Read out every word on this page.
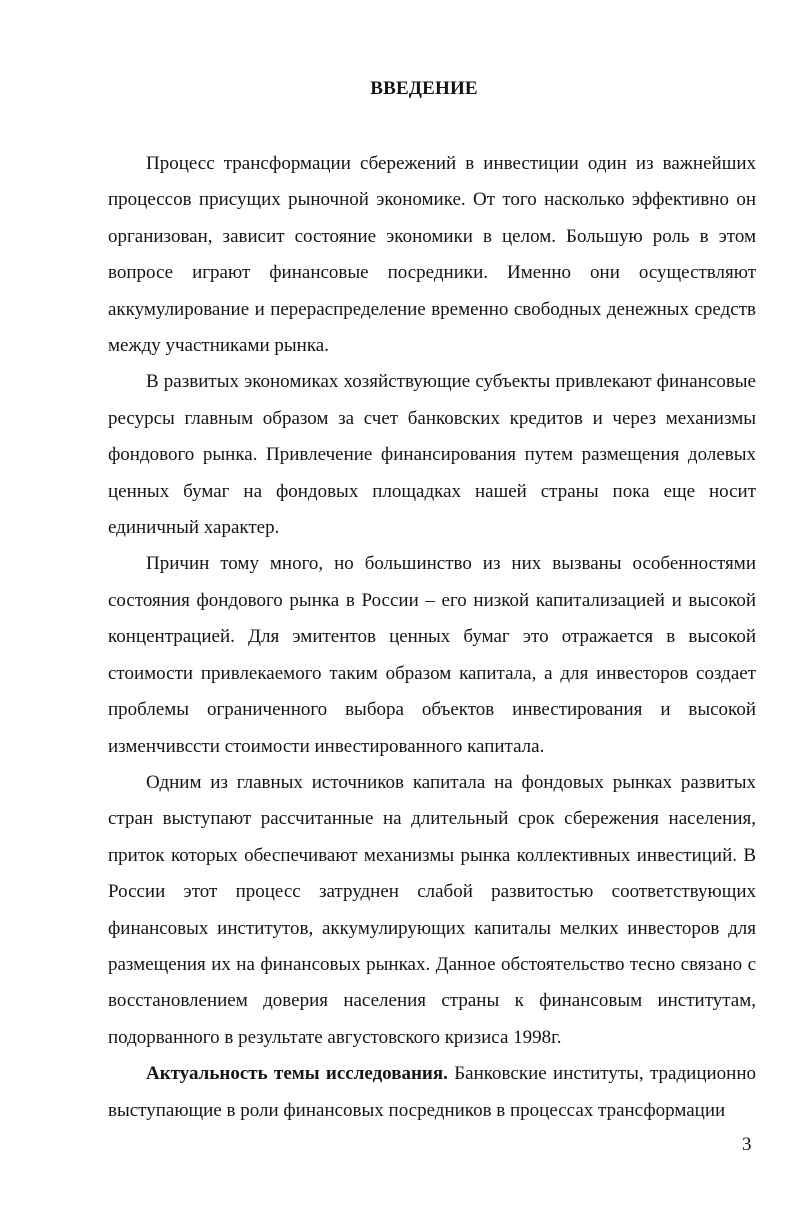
ВВЕДЕНИЕ

Процесс трансформации сбережений в инвестиции один из важнейших процессов присущих рыночной экономике. От того насколько эффективно он организован, зависит состояние экономики в целом. Большую роль в этом вопросе играют финансовые посредники. Именно они осуществляют аккумулирование и перераспределение временно свободных денежных средств между участниками рынка.

В развитых экономиках хозяйствующие субъекты привлекают финансовые ресурсы главным образом за счет банковских кредитов и через механизмы фондового рынка. Привлечение финансирования путем размещения долевых ценных бумаг на фондовых площадках нашей страны пока еще носит единичный характер.

Причин тому много, но большинство из них вызваны особенностями состояния фондового рынка в России – его низкой капитализацией и высокой концентрацией. Для эмитентов ценных бумаг это отражается в высокой стоимости привлекаемого таким образом капитала, а для инвесторов создает проблемы ограниченного выбора объектов инвестирования и высокой изменчивссти стоимости инвестированного капитала.

Одним из главных источников капитала на фондовых рынках развитых стран выступают рассчитанные на длительный срок сбережения населения, приток которых обеспечивают механизмы рынка коллективных инвестиций. В России этот процесс затруднен слабой развитостью соответствующих финансовых институтов, аккумулирующих капиталы мелких инвесторов для размещения их на финансовых рынках. Данное обстоятельство тесно связано с восстановлением доверия населения страны к финансовым институтам, подорванного в результате августовского кризиса 1998г.

Актуальность темы исследования. Банковские институты, традиционно выступающие в роли финансовых посредников в процессах трансформации

3
